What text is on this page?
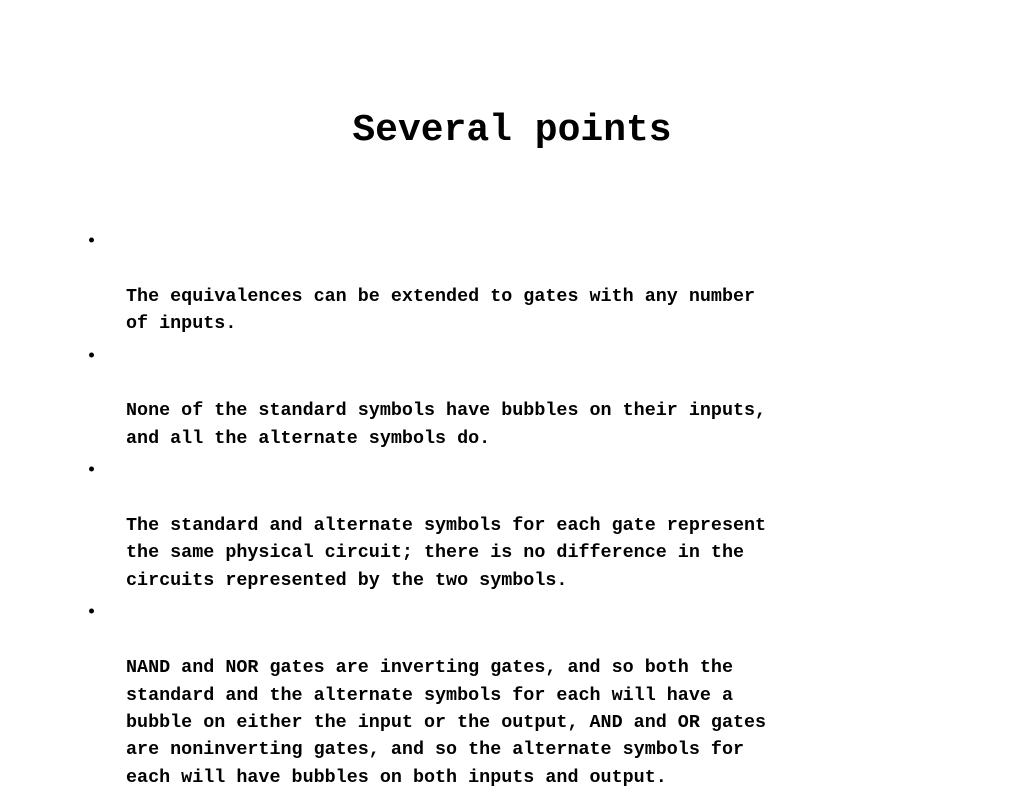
Several points

•

The equivalences can be extended to gates with any number
of inputs.

•

None of the standard symbols have bubbles on their inputs,
and all the alternate symbols do.

•

The standard and alternate symbols for each gate represent
the same physical circuit; there is no difference in the
circuits represented by the two symbols.

•

NAND and NOR gates are inverting gates, and so both the
standard and the alternate symbols for each will have a
bubble on either the input or the output, AND and OR gates
are noninverting gates, and so the alternate symbols for
each will have bubbles on both inputs and output.
